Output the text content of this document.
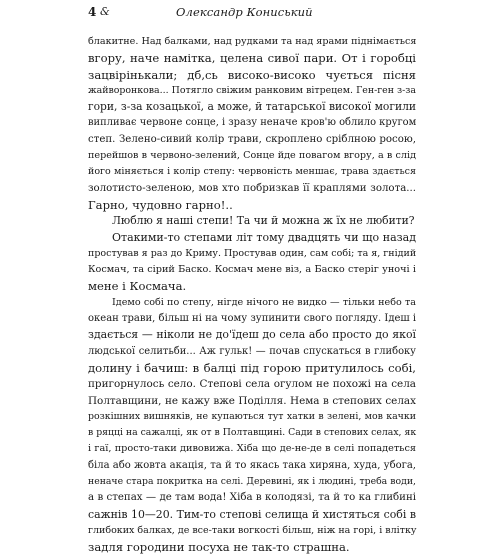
4 &	Олександр Кониський
блакитне. Над балками, над рудками та над ярами піднімається
вгору, наче намітка, целена сивої пари. От і горобці
зацвірінькали; дб,сь високо-високо чується пісня
жайворонкова... Потягло свіжим ранковим вітрецем. Ген-ген з-за
гори, з-за козацької, а може, й татарської високої могили
випливає червоне сонце, і зразу неначе кров'ю облило кругом
степ. Зелено-сивий колір трави, скроплено сріблною росою,
перейшов в червоно-зелений, Сонце йде повагом вгору, а в слід
його міняється і колір степу: червоність меншає, трава здається
золотисто-зеленою, мов хто побризкав її краплями золота...
Гарно, чудовно гарно!..
Люблю я наші степи! Та чи й можна ж їх не любити?
Отакими-то степами літ тому двадцять чи що назад
простував я раз до Криму. Простував один, сам собі; та я, гнідий
Космач, та сірий Баско. Космач мене віз, а Баско стеріг уночі і
мене і Космача.
Ідемо собі по степу, нігде нічого не видко — тільки небо та
океан трави, більш ні на чому зупинити свого погляду. Ідеш і
здається — ніколи не до'їдеш до села або просто до якої
людської селитьби... Аж гульк! — почав спускаться в глибоку
долину і бачиш: в балці під горою притулилось собі,
пригорнулось село. Степові села огулом не похожі на села
Полтавщини, не кажу вже Поділля. Нема в степових селах
розкішних вишняків, не купаються тут хатки в зелені, мов качки
в ряцці на сажалці, як от в Полтавщині. Сади в степових селах, як
і гаї, просто-таки дивовижа. Хіба що де-не-де в селі попадеться
біла або жовта акація, та й то якась така хиряна, худа, убога,
неначе стара покритка на селі. Деревині, як і людині, треба води,
а в степах — де там вода! Хіба в колодязі, та й то ка глибині
сажнів 10—20. Тим-то степові селища й хистяться собі в
глибоких балках, де все-таки вогкості більш, ніж на горі, і влітку
задля городини посуха не так-то страшна.
